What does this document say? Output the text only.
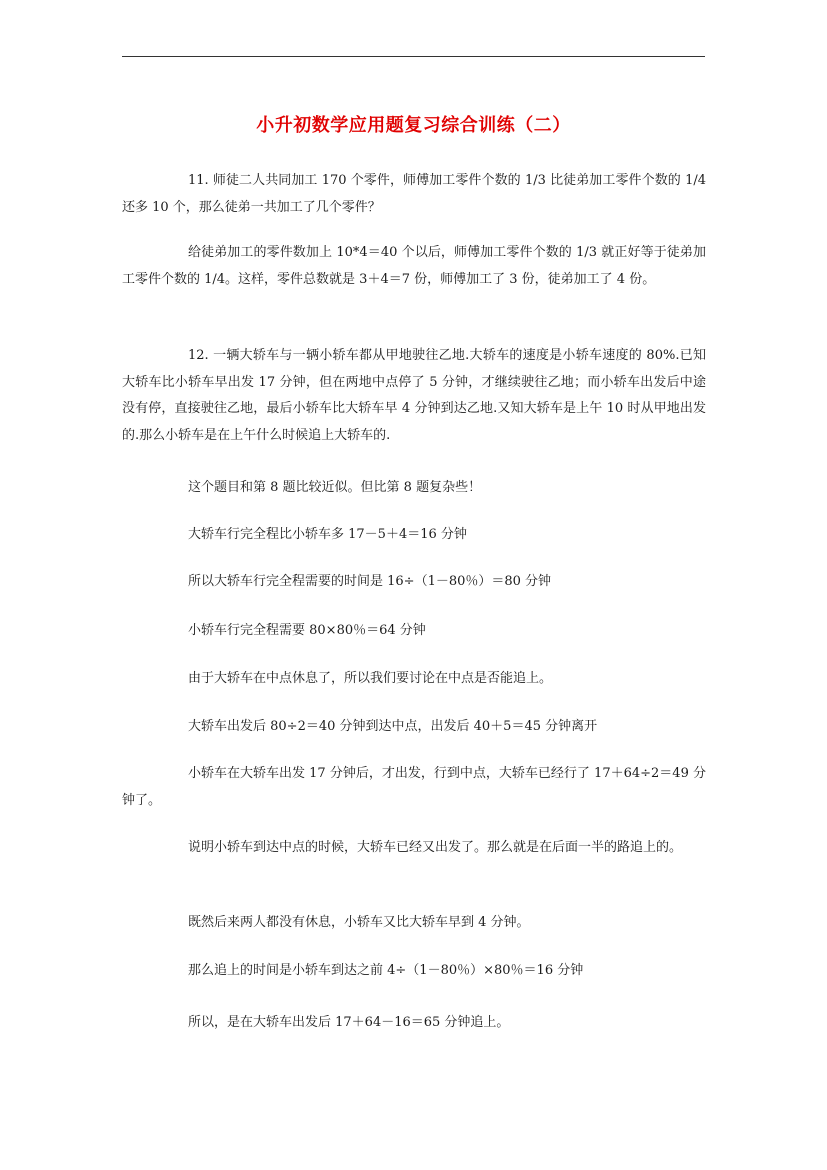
小升初数学应用题复习综合训练（二）

11. 师徒二人共同加工 170 个零件，师傅加工零件个数的 1/3 比徒弟加工零件个数的 1/4 还多 10 个，那么徒弟一共加工了几个零件？

给徒弟加工的零件数加上 10*4＝40 个以后，师傅加工零件个数的 1/3 就正好等于徒弟加工零件个数的 1/4。这样，零件总数就是 3＋4＝7 份，师傅加工了 3 份，徒弟加工了 4 份。

12. 一辆大轿车与一辆小轿车都从甲地驶往乙地.大轿车的速度是小轿车速度的 80%.已知大轿车比小轿车早出发 17 分钟，但在两地中点停了 5 分钟，才继续驶往乙地；而小轿车出发后中途没有停，直接驶往乙地，最后小轿车比大轿车早 4 分钟到达乙地.又知大轿车是上午 10 时从甲地出发的.那么小轿车是在上午什么时候追上大轿车的.

这个题目和第 8 题比较近似。但比第 8 题复杂些！

大轿车行完全程比小轿车多 17－5＋4＝16 分钟

所以大轿车行完全程需要的时间是 16÷（1－80％）＝80 分钟

小轿车行完全程需要 80×80％＝64 分钟

由于大轿车在中点休息了，所以我们要讨论在中点是否能追上。

大轿车出发后 80÷2＝40 分钟到达中点，出发后 40＋5＝45 分钟离开

小轿车在大轿车出发 17 分钟后，才出发，行到中点，大轿车已经行了 17＋64÷2＝49 分钟了。

说明小轿车到达中点的时候，大轿车已经又出发了。那么就是在后面一半的路追上的。

既然后来两人都没有休息，小轿车又比大轿车早到 4 分钟。

那么追上的时间是小轿车到达之前 4÷（1－80％）×80％＝16 分钟

所以，是在大轿车出发后 17＋64－16＝65 分钟追上。
